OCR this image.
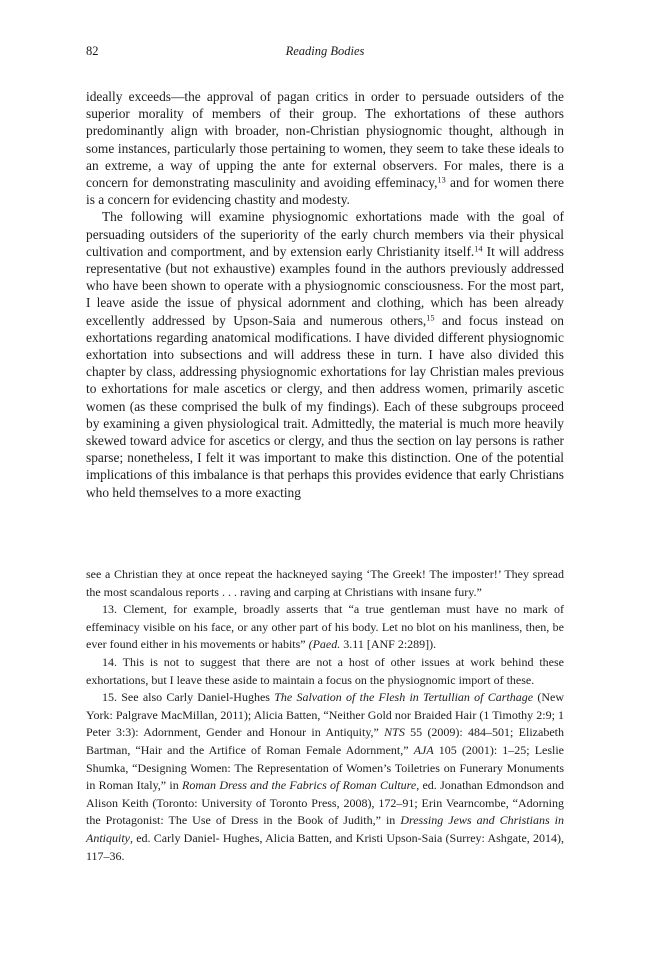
82	Reading Bodies

ideally exceeds—the approval of pagan critics in order to persuade outsiders of the superior morality of members of their group. The exhortations of these authors predominantly align with broader, non-Christian physiognomic thought, although in some instances, particularly those pertaining to women, they seem to take these ideals to an extreme, a way of upping the ante for external observers. For males, there is a concern for demonstrating masculinity and avoiding effeminacy,$^{13}$ and for women there is a concern for evidencing chastity and modesty.

The following will examine physiognomic exhortations made with the goal of persuading outsiders of the superiority of the early church members via their physical cultivation and comportment, and by extension early Christianity itself.$^{14}$ It will address representative (but not exhaustive) examples found in the authors previously addressed who have been shown to operate with a physiognomic consciousness. For the most part, I leave aside the issue of physical adornment and clothing, which has been already excellently addressed by Upson-Saia and numerous others,$^{15}$ and focus instead on exhortations regarding anatomical modifications. I have divided different physiognomic exhortation into subsections and will address these in turn. I have also divided this chapter by class, addressing physiognomic exhortations for lay Christian males previous to exhortations for male ascetics or clergy, and then address women, primarily ascetic women (as these comprised the bulk of my findings). Each of these subgroups proceed by examining a given physiological trait. Admittedly, the material is much more heavily skewed toward advice for ascetics or clergy, and thus the section on lay persons is rather sparse; nonetheless, I felt it was important to make this distinction. One of the potential implications of this imbalance is that perhaps this provides evidence that early Christians who held themselves to a more exacting

see a Christian they at once repeat the hackneyed saying ‘The Greek! The imposter!’ They spread the most scandalous reports . . . raving and carping at Christians with insane fury.”

13. Clement, for example, broadly asserts that “a true gentleman must have no mark of effeminacy visible on his face, or any other part of his body. Let no blot on his manliness, then, be ever found either in his movements or habits” (Paed. 3.11 [ANF 2:289]).

14. This is not to suggest that there are not a host of other issues at work behind these exhortations, but I leave these aside to maintain a focus on the physiognomic import of these.

15. See also Carly Daniel-Hughes The Salvation of the Flesh in Tertullian of Carthage (New York: Palgrave MacMillan, 2011); Alicia Batten, “Neither Gold nor Braided Hair (1 Timothy 2:9; 1 Peter 3:3): Adornment, Gender and Honour in Antiquity,” NTS 55 (2009): 484–501; Elizabeth Bartman, “Hair and the Artifice of Roman Female Adornment,” AJA 105 (2001): 1–25; Leslie Shumka, “Designing Women: The Representation of Women’s Toiletries on Funerary Monuments in Roman Italy,” in Roman Dress and the Fabrics of Roman Culture, ed. Jonathan Edmondson and Alison Keith (Toronto: University of Toronto Press, 2008), 172–91; Erin Vearncombe, “Adorning the Protagonist: The Use of Dress in the Book of Judith,” in Dressing Jews and Christians in Antiquity, ed. Carly Daniel- Hughes, Alicia Batten, and Kristi Upson-Saia (Surrey: Ashgate, 2014), 117–36.
